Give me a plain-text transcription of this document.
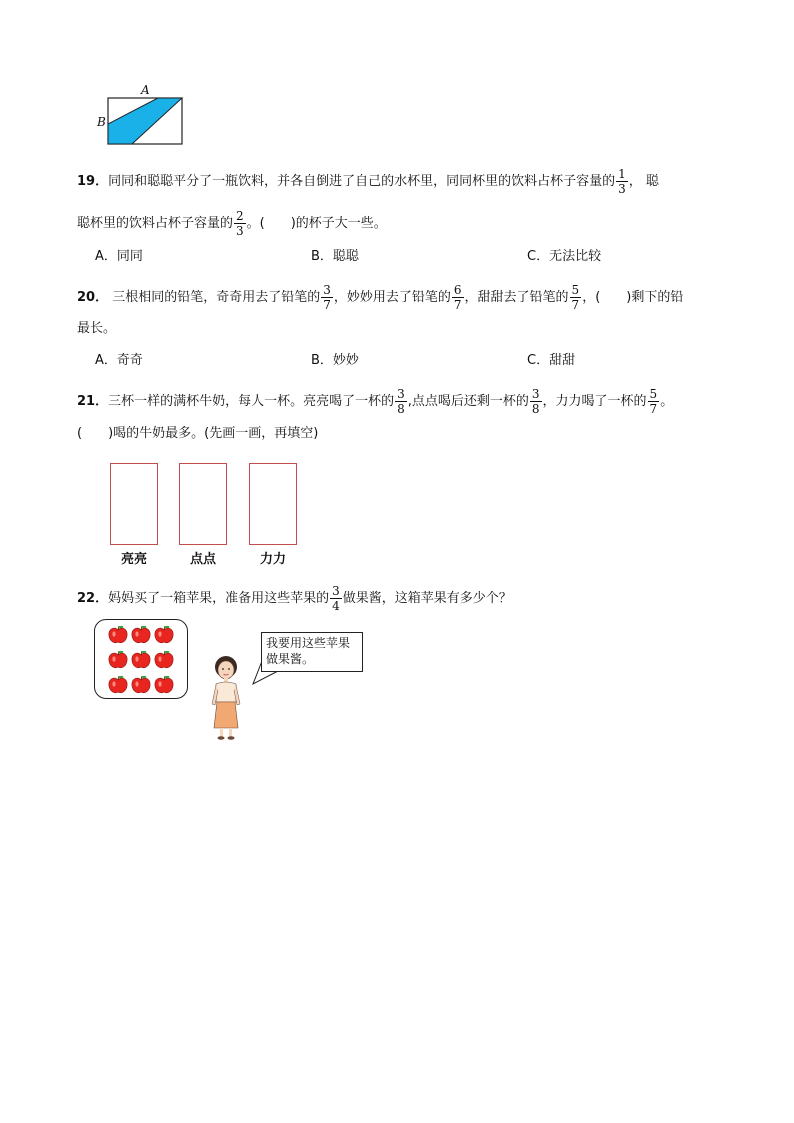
A
B
19．同同和聪聪平分了一瓶饮料，并各自倒进了自己的水杯里，同同杯里的饮料占杯子容量的 $\frac{1}{3}$ ， 聪
聪杯里的饮料占杯子容量的 $\frac{2}{3}$ 。( )的杯子大一些。
A．同同	B．聪聪	C．无法比较
20． 三根相同的铅笔，奇奇用去了铅笔的 $\frac{3}{7}$ ，妙妙用去了铅笔的 $\frac{6}{7}$ ，甜甜去了铅笔的 $\frac{5}{7}$ ，( )剩下的铅
最长。
A．奇奇	B．妙妙	C．甜甜
21．三杯一样的满杯牛奶，每人一杯。亮亮喝了一杯的 $\frac{3}{8}$ ,点点喝后还剩一杯的 $\frac{3}{8}$ ，力力喝了一杯的 $\frac{5}{7}$ 。
( )喝的牛奶最多。(先画一画，再填空)
亮亮	点点	力力
22．妈妈买了一箱苹果，准备用这些苹果的 $\frac{3}{4}$ 做果酱，这箱苹果有多少个？
我要用这些苹果
做果酱。
